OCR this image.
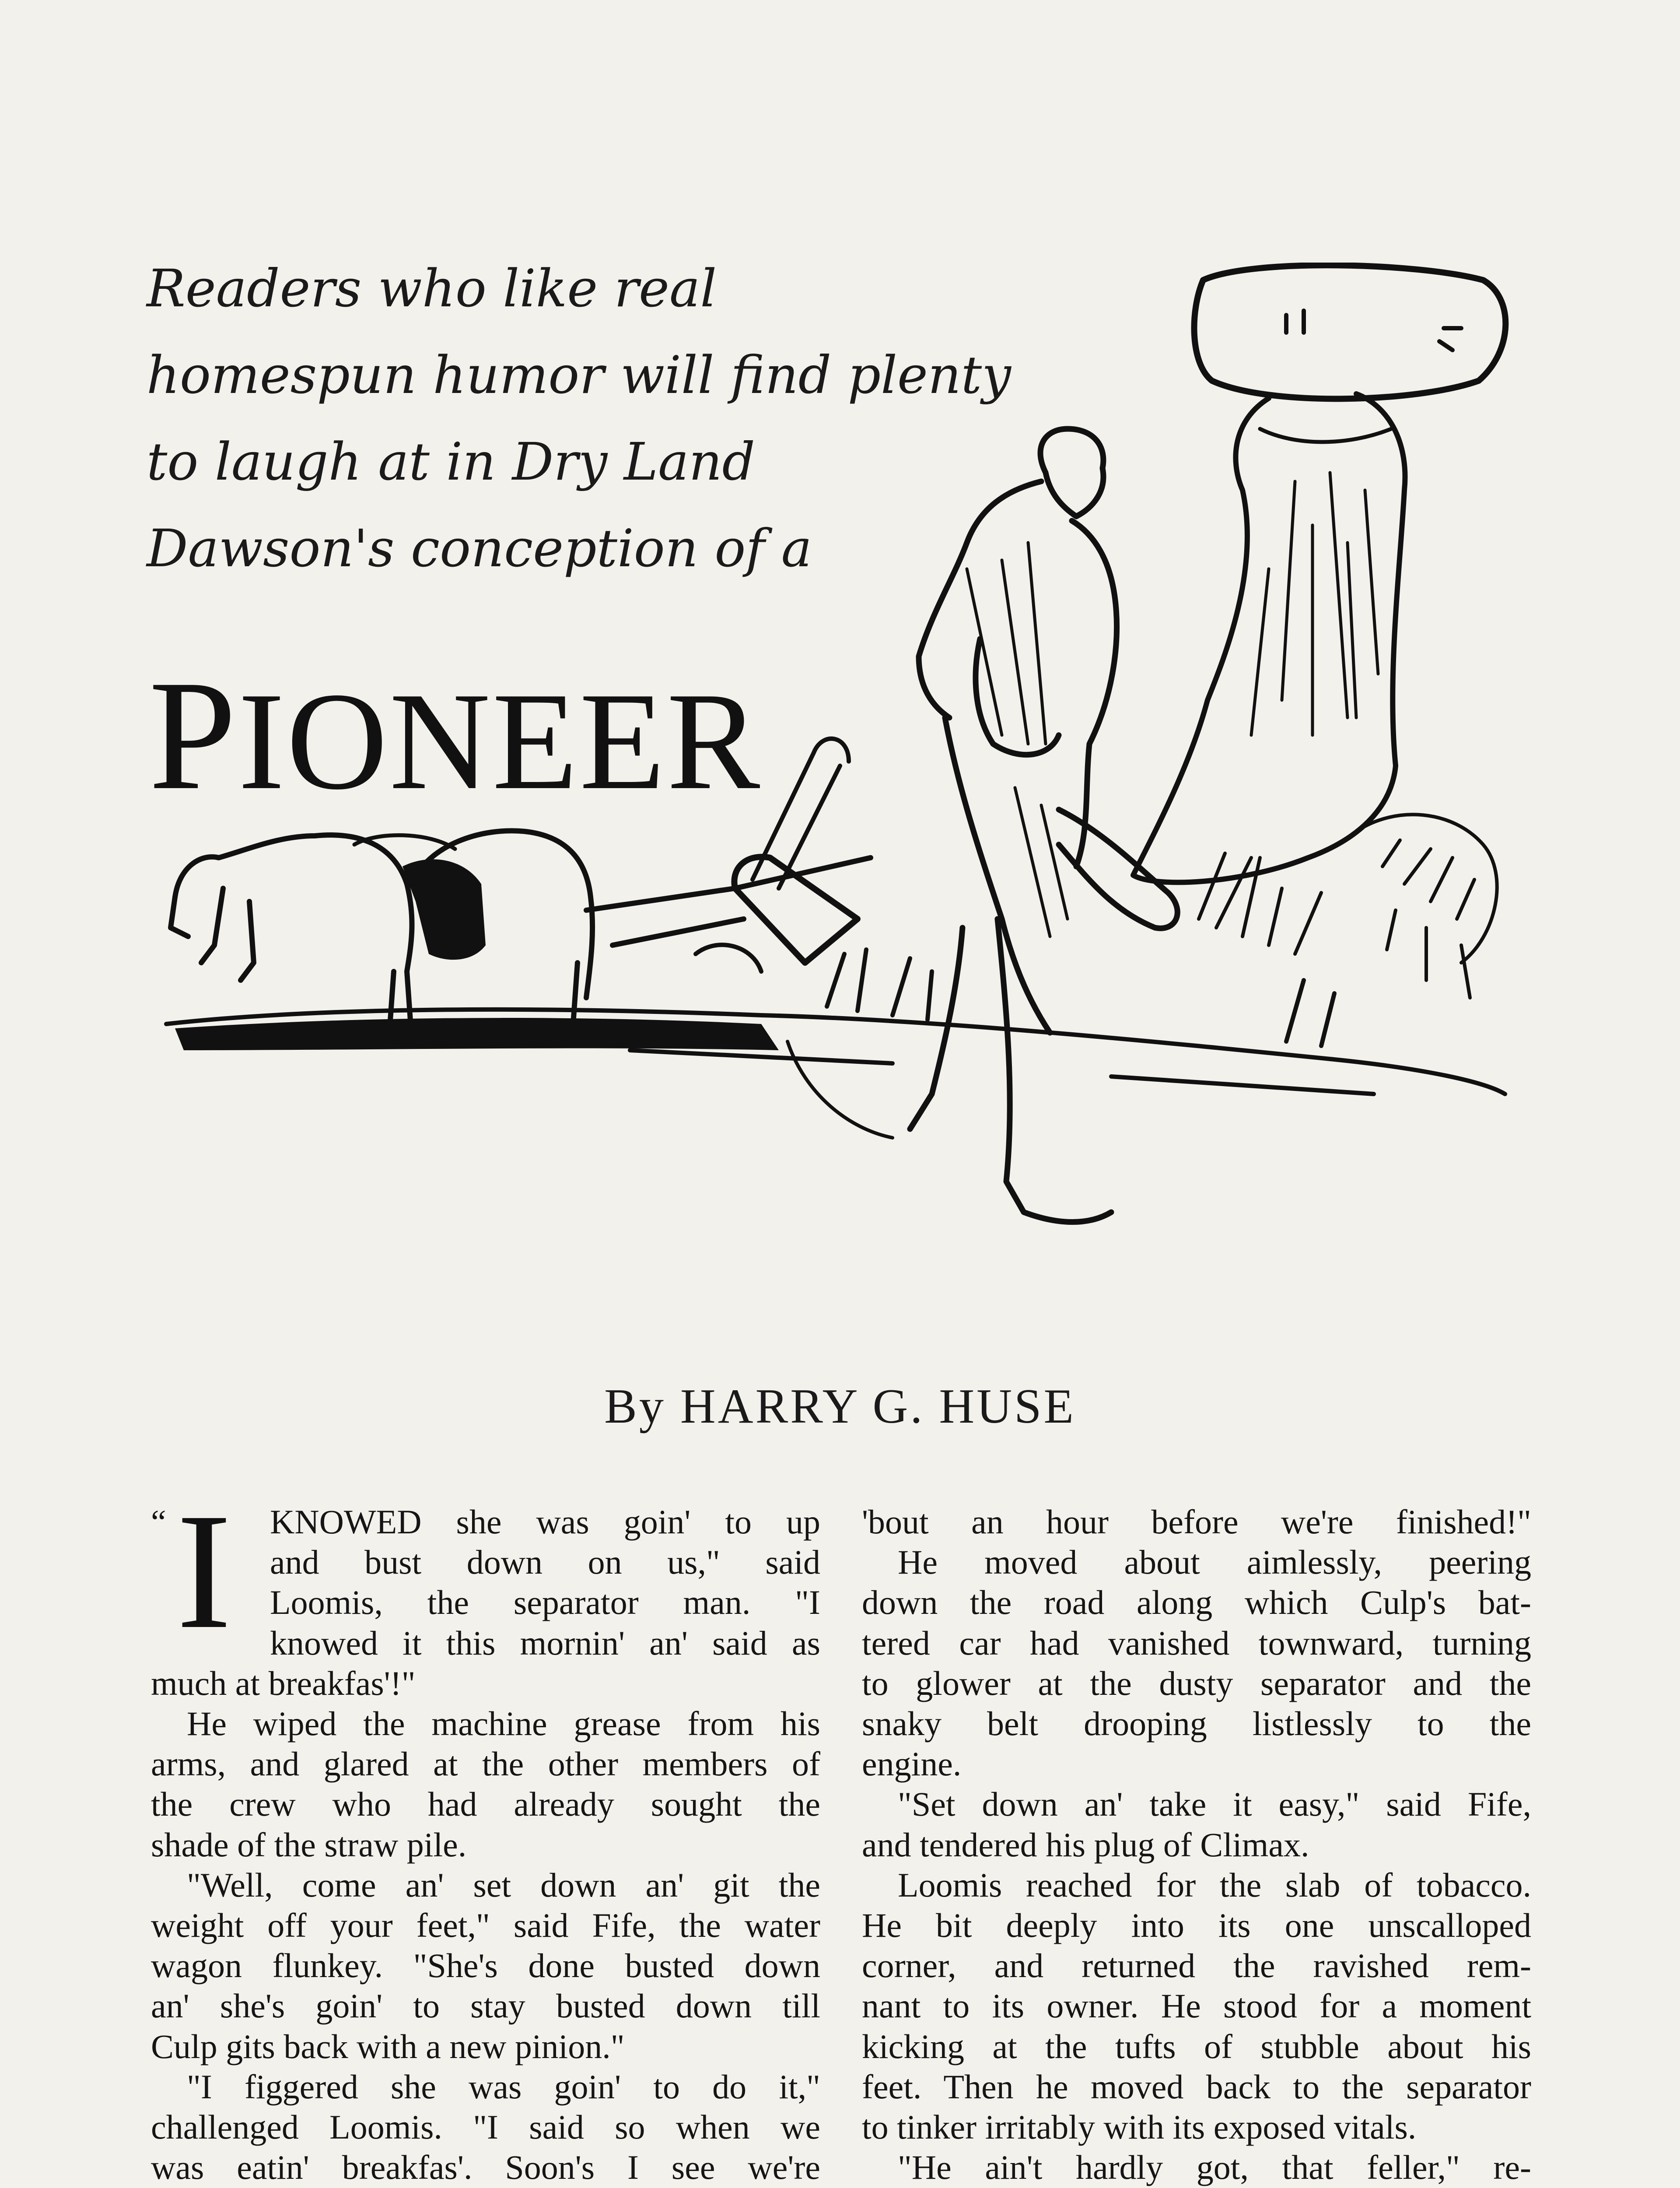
Readers who like real
homespun humor will find plenty
to laugh at in Dry Land
Dawson's conception of a
PIONEER
By HARRY G. HUSE
“ I	KNOWED she was goin' to up
and bust down on us," said
Loomis, the separator man. "I
knowed it this mornin' an' said as
much at breakfas'!"
He wiped the machine grease from his
arms, and glared at the other members of
the crew who had already sought the
shade of the straw pile.
"Well, come an' set down an' git the
weight off your feet," said Fife, the water
wagon flunkey. "She's done busted down
an' she's goin' to stay busted down till
Culp gits back with a new pinion."
"I figgered she was goin' to do it,"
challenged Loomis. "I said so when we
was eatin' breakfas'. Soon's I see we're
'bout an hour before we're finished!"
He moved about aimlessly, peering
down the road along which Culp's bat-
tered car had vanished townward, turning
to glower at the dusty separator and the
snaky belt drooping listlessly to the
engine.
"Set down an' take it easy," said Fife,
and tendered his plug of Climax.
Loomis reached for the slab of tobacco.
He bit deeply into its one unscalloped
corner, and returned the ravished rem-
nant to its owner. He stood for a moment
kicking at the tufts of stubble about his
feet. Then he moved back to the separator
to tinker irritably with its exposed vitals.
"He ain't hardly got, that feller," re-
